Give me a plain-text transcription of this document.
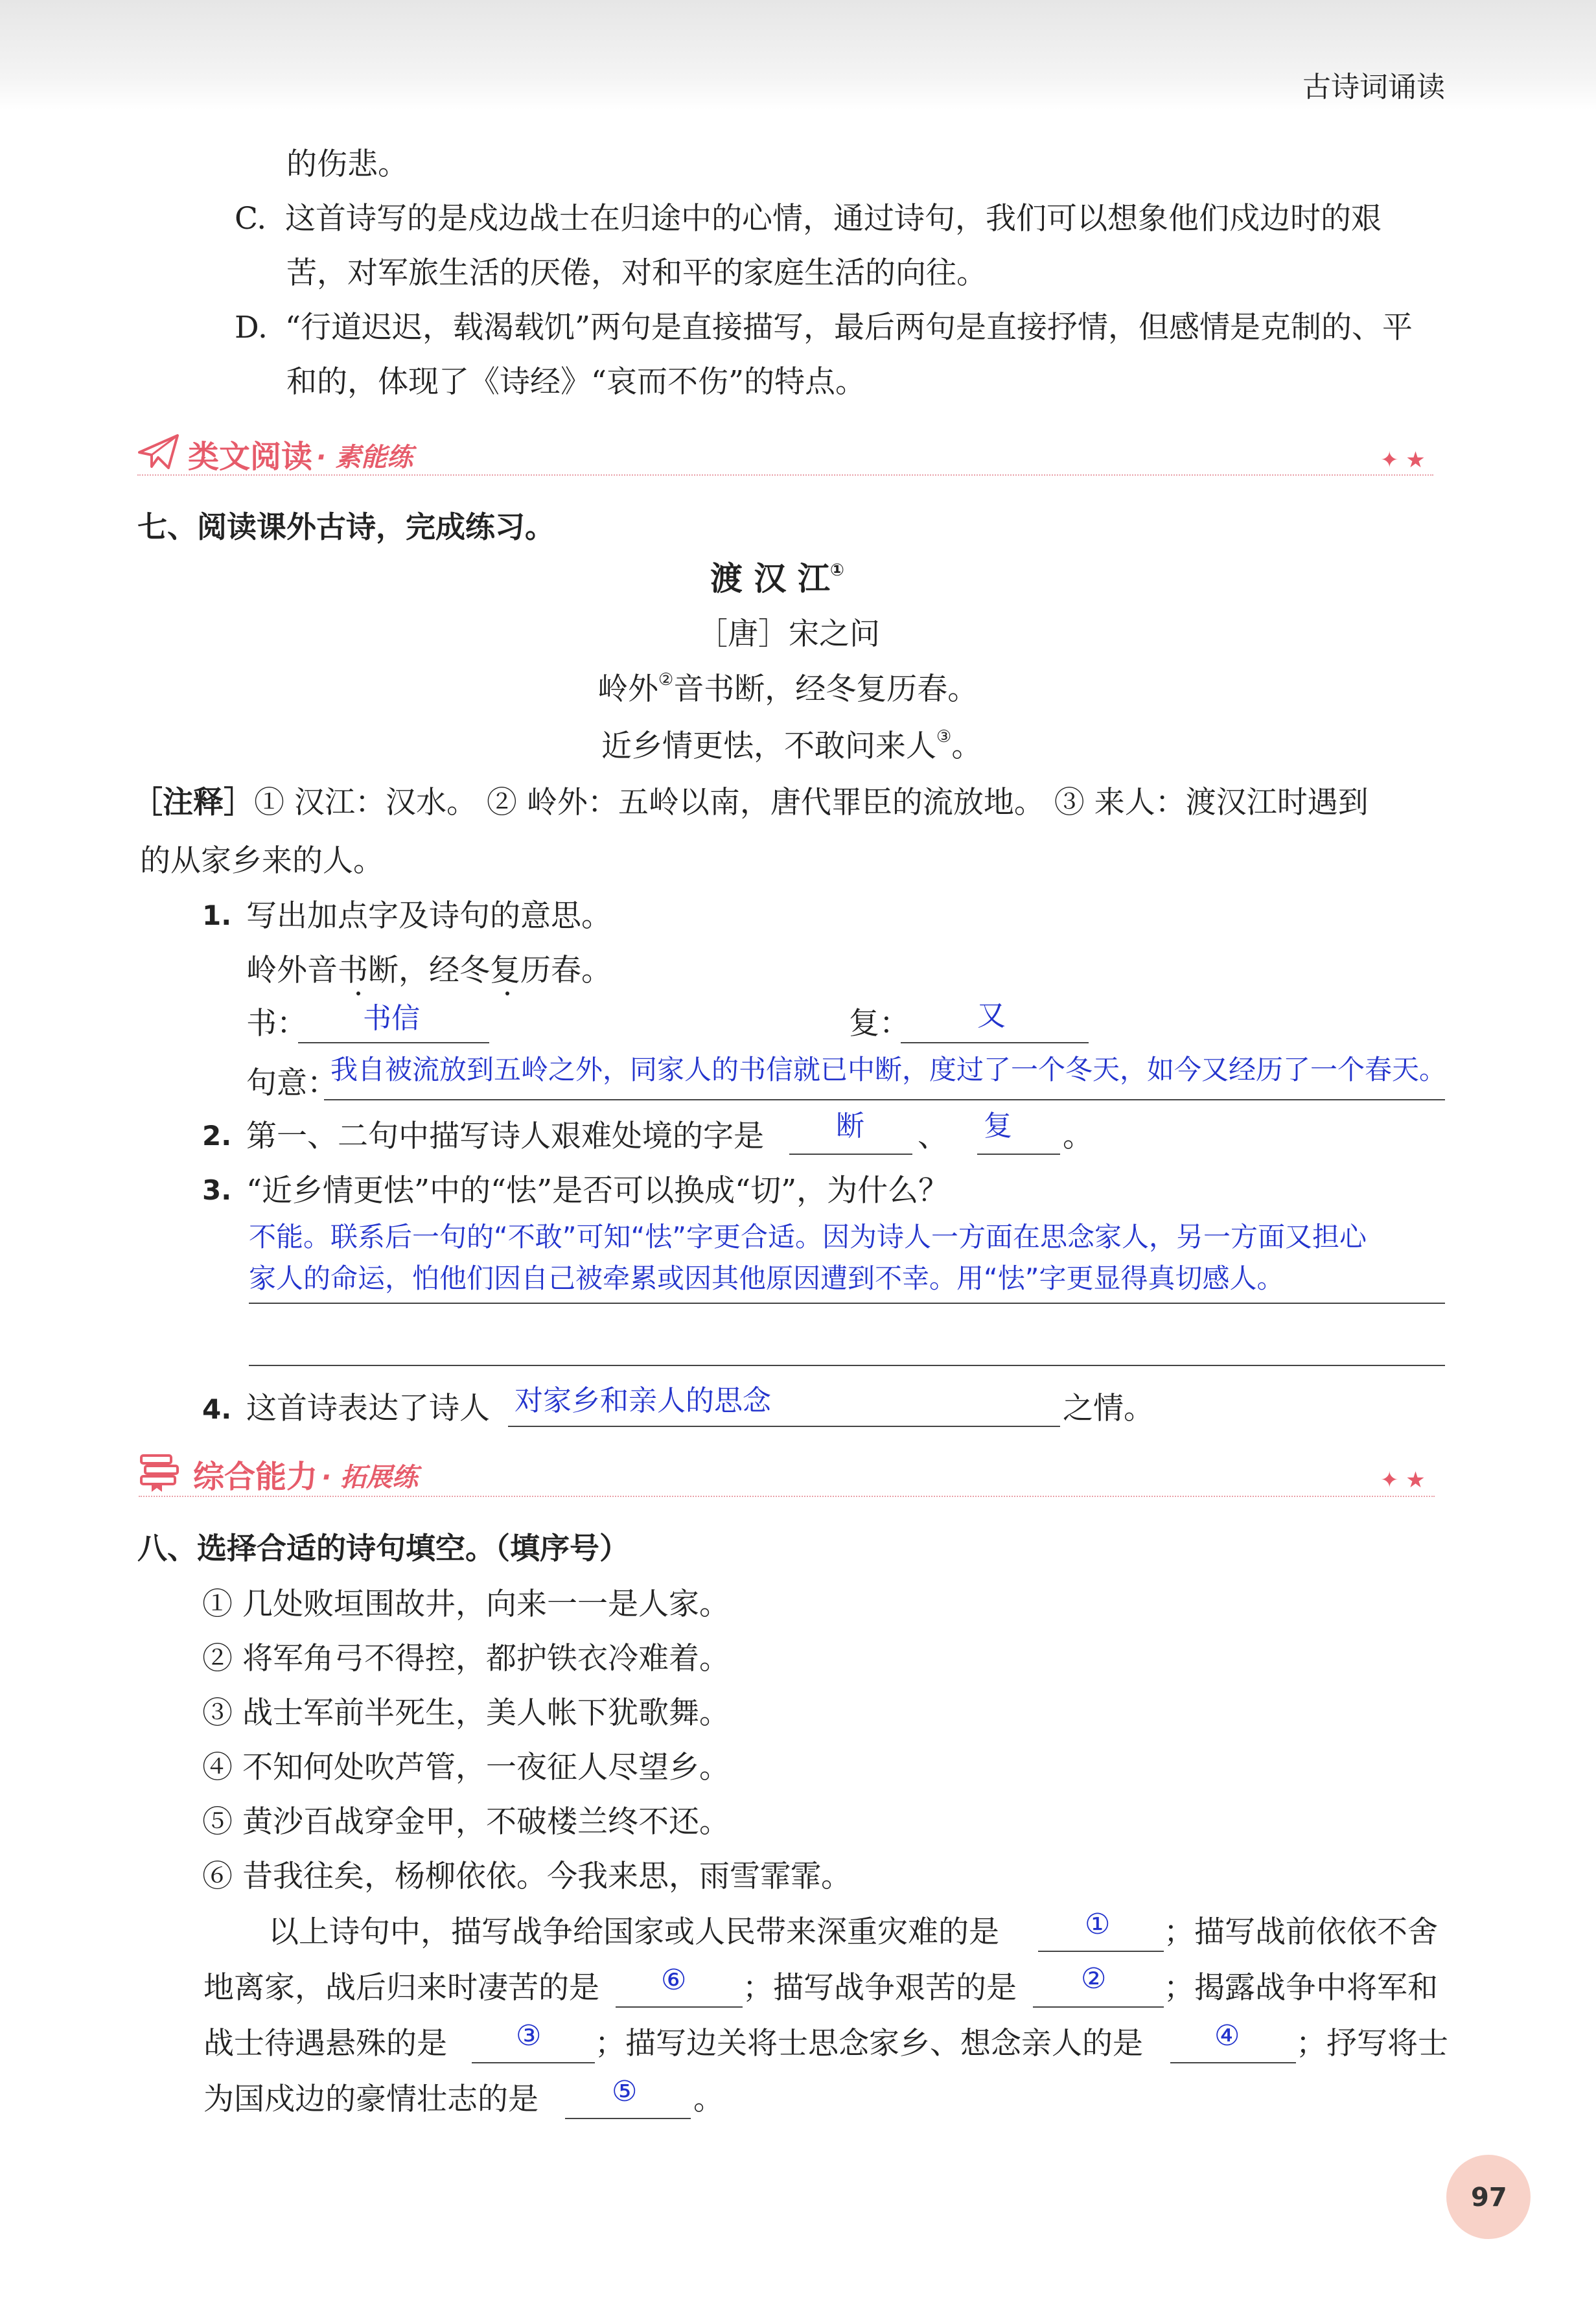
古诗词诵读
的伤悲。
C. 这首诗写的是戍边战士在归途中的心情，通过诗句，我们可以想象他们戍边时的艰
苦，对军旅生活的厌倦，对和平的家庭生活的向往。
D. “行道迟迟，载渴载饥”两句是直接描写，最后两句是直接抒情，但感情是克制的、平
和的，体现了《诗经》“哀而不伤”的特点。
类文阅读 · 素能练	✦ ★
七、阅读课外古诗，完成练习。
渡 汉 江①
［唐］宋之问
岭外②音书断，经冬复历春。
近乡情更怯，不敢问来人③。
［注释］① 汉江：汉水。 ② 岭外：五岭以南，唐代罪臣的流放地。 ③ 来人：渡汉江时遇到
的从家乡来的人。
1. 写出加点字及诗句的意思。
岭外音书断，经冬复历春。
书： 书信	复： 又
句意：
我自被流放到五岭之外，同家人的书信就已中断，度过了一个冬天，如今又经历了一个春天。
2. 第一、二句中描写诗人艰难处境的字是	断 、 复 。
3. “近乡情更怯”中的“怯”是否可以换成“切”，为什么？
不能。联系后一句的“不敢”可知“怯”字更合适。因为诗人一方面在思念家人，另一方面又担心
家人的命运，怕他们因自己被牵累或因其他原因遭到不幸。用“怯”字更显得真切感人。
4. 这首诗表达了诗人 对家乡和亲人的思念	之情。
综合能力 · 拓展练	✦ ★
八、选择合适的诗句填空。（填序号）
① 几处败垣围故井，向来一一是人家。
② 将军角弓不得控，都护铁衣冷难着。
③ 战士军前半死生，美人帐下犹歌舞。
④ 不知何处吹芦管，一夜征人尽望乡。
⑤ 黄沙百战穿金甲，不破楼兰终不还。
⑥ 昔我往矣，杨柳依依。今我来思，雨雪霏霏。
以上诗句中，描写战争给国家或人民带来深重灾难的是	① ；描写战前依依不舍
地离家，战后归来时凄苦的是 ⑥ ；描写战争艰苦的是 ② ；揭露战争中将军和
战士待遇悬殊的是 ③ ；描写边关将士思念家乡、想念亲人的是	④ ；抒写将士
为国戍边的豪情壮志的是	⑤ 。
97
